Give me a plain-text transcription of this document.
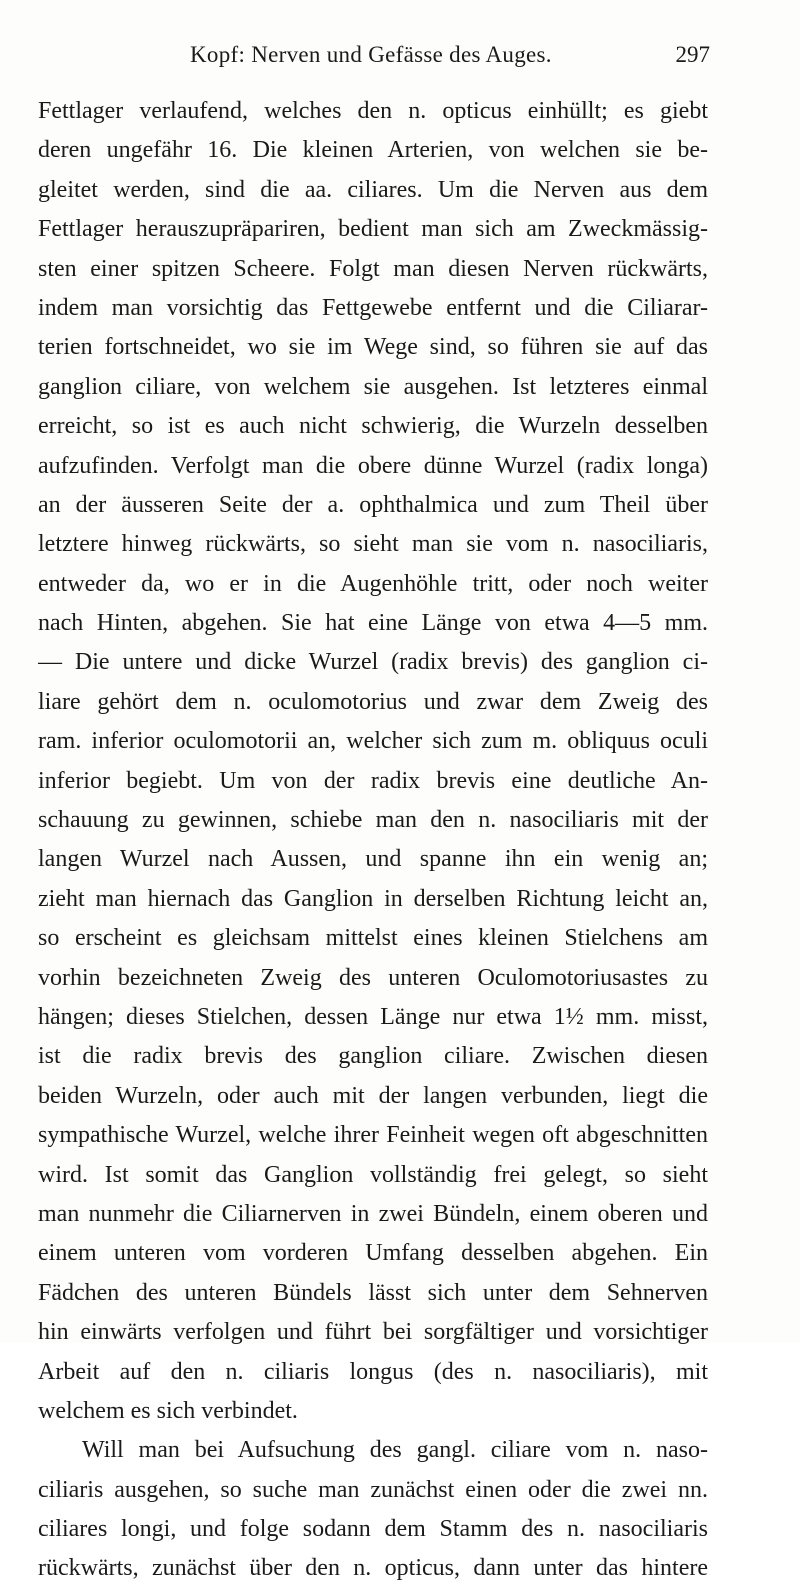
Kopf: Nerven und Gefässe des Auges.	297
Fettlager verlaufend, welches den n. opticus einhüllt; es giebt
deren ungefähr 16. Die kleinen Arterien, von welchen sie be-
gleitet werden, sind die aa. ciliares. Um die Nerven aus dem
Fettlager herauszupräpariren, bedient man sich am Zweckmässig-
sten einer spitzen Scheere. Folgt man diesen Nerven rückwärts,
indem man vorsichtig das Fettgewebe entfernt und die Ciliarar-
terien fortschneidet, wo sie im Wege sind, so führen sie auf das
ganglion ciliare, von welchem sie ausgehen. Ist letzteres einmal
erreicht, so ist es auch nicht schwierig, die Wurzeln desselben
aufzufinden. Verfolgt man die obere dünne Wurzel (radix longa)
an der äusseren Seite der a. ophthalmica und zum Theil über
letztere hinweg rückwärts, so sieht man sie vom n. nasociliaris,
entweder da, wo er in die Augenhöhle tritt, oder noch weiter
nach Hinten, abgehen. Sie hat eine Länge von etwa 4—5 mm.
— Die untere und dicke Wurzel (radix brevis) des ganglion ci-
liare gehört dem n. oculomotorius und zwar dem Zweig des
ram. inferior oculomotorii an, welcher sich zum m. obliquus oculi
inferior begiebt. Um von der radix brevis eine deutliche An-
schauung zu gewinnen, schiebe man den n. nasociliaris mit der
langen Wurzel nach Aussen, und spanne ihn ein wenig an;
zieht man hiernach das Ganglion in derselben Richtung leicht an,
so erscheint es gleichsam mittelst eines kleinen Stielchens am
vorhin bezeichneten Zweig des unteren Oculomotoriusastes zu
hängen; dieses Stielchen, dessen Länge nur etwa 1½ mm. misst,
ist die radix brevis des ganglion ciliare. Zwischen diesen
beiden Wurzeln, oder auch mit der langen verbunden, liegt die
sympathische Wurzel, welche ihrer Feinheit wegen oft abgeschnitten
wird. Ist somit das Ganglion vollständig frei gelegt, so sieht
man nunmehr die Ciliarnerven in zwei Bündeln, einem oberen und
einem unteren vom vorderen Umfang desselben abgehen. Ein
Fädchen des unteren Bündels lässt sich unter dem Sehnerven
hin einwärts verfolgen und führt bei sorgfältiger und vorsichtiger
Arbeit auf den n. ciliaris longus (des n. nasociliaris), mit
welchem es sich verbindet.
Will man bei Aufsuchung des gangl. ciliare vom n. naso-
ciliaris ausgehen, so suche man zunächst einen oder die zwei nn.
ciliares longi, und folge sodann dem Stamm des n. nasociliaris
rückwärts, zunächst über den n. opticus, dann unter das hintere
